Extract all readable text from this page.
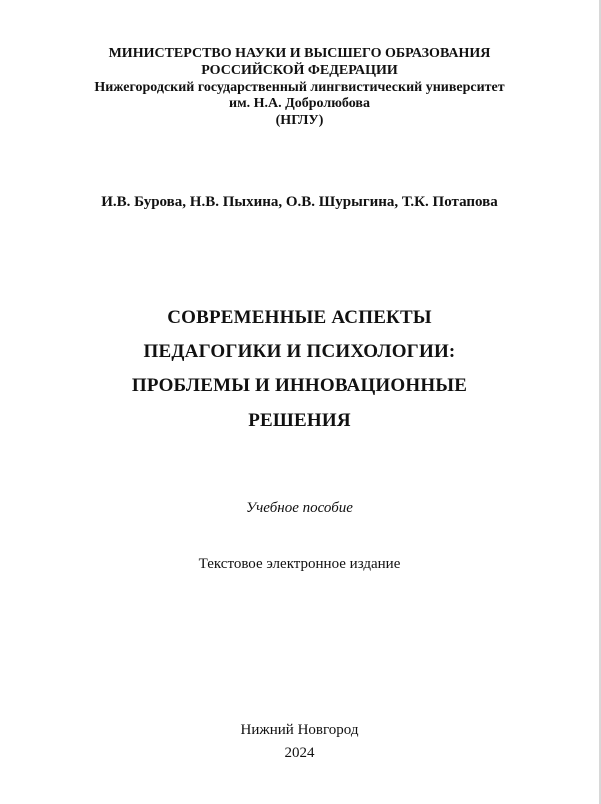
МИНИСТЕРСТВО НАУКИ И ВЫСШЕГО ОБРАЗОВАНИЯ
РОССИЙСКОЙ ФЕДЕРАЦИИ
Нижегородский государственный лингвистический университет
им. Н.А. Добролюбова
(НГЛУ)
И.В. Бурова, Н.В. Пыхина, О.В. Шурыгина, Т.К. Потапова
СОВРЕМЕННЫЕ АСПЕКТЫ
ПЕДАГОГИКИ И ПСИХОЛОГИИ:
ПРОБЛЕМЫ И ИННОВАЦИОННЫЕ
РЕШЕНИЯ
Учебное пособие
Текстовое электронное издание
Нижний Новгород
2024
